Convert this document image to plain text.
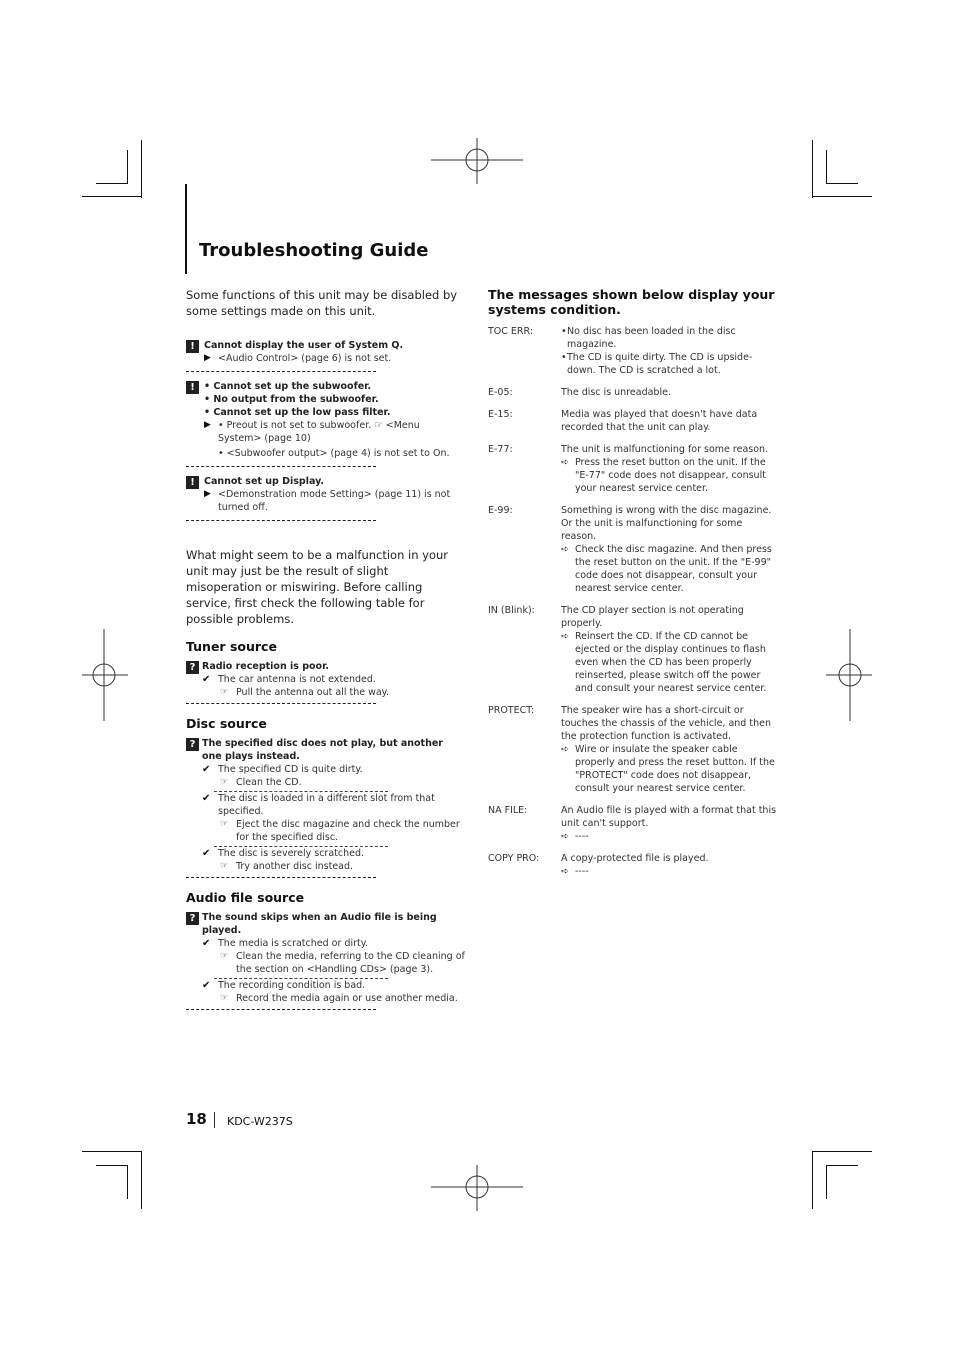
Troubleshooting Guide

Some functions of this unit may be disabled by some settings made on this unit.

! Cannot display the user of System Q.
▶ <Audio Control> (page 6) is not set.
! • Cannot set up the subwoofer.
• No output from the subwoofer.
• Cannot set up the low pass filter.
▶ • Preout is not set to subwoofer. ☞ <Menu System> (page 10)
• <Subwoofer output> (page 4) is not set to On.
! Cannot set up Display.
▶ <Demonstration mode Setting> (page 11) is not turned off.

What might seem to be a malfunction in your unit may just be the result of slight misoperation or miswiring. Before calling service, first check the following table for possible problems.

Tuner source
? Radio reception is poor.
✔ The car antenna is not extended.
☞ Pull the antenna out all the way.
Disc source
? The specified disc does not play, but another one plays instead.
✔ The specified CD is quite dirty.
☞ Clean the CD.
✔ The disc is loaded in a different slot from that specified.
☞ Eject the disc magazine and check the number for the specified disc.
✔ The disc is severely scratched.
☞ Try another disc instead.
Audio file source
? The sound skips when an Audio file is being played.
✔ The media is scratched or dirty.
☞ Clean the media, referring to the CD cleaning of the section on <Handling CDs> (page 3).
✔ The recording condition is bad.
☞ Record the media again or use another media.

The messages shown below display your systems condition.

TOC ERR:
•	No disc has been loaded in the disc magazine.
• The CD is quite dirty. The CD is upside-down. The CD is scratched a lot.
E-05:	The disc is unreadable.
E-15:	Media was played that doesn't have data recorded that the unit can play.
E-77:	The unit is malfunctioning for some reason.
➪ Press the reset button on the unit. If the "E-77" code does not disappear, consult your nearest service center.
E-99:	Something is wrong with the disc magazine. Or the unit is malfunctioning for some reason.
➪ Check the disc magazine. And then press the reset button on the unit. If the "E-99" code does not disappear, consult your nearest service center.
IN (Blink):	The CD player section is not operating properly.
➪ Reinsert the CD. If the CD cannot be ejected or the display continues to flash even when the CD has been properly reinserted, please switch off the power and consult your nearest service center.
PROTECT:	The speaker wire has a short-circuit or touches the chassis of the vehicle, and then the protection function is activated.
➪ Wire or insulate the speaker cable properly and press the reset button. If the "PROTECT" code does not disappear, consult your nearest service center.
NA FILE:	An Audio file is played with a format that this unit can't support.
➪ ----
COPY PRO:	A copy-protected file is played.
➪ ----
18 KDC-W237S
